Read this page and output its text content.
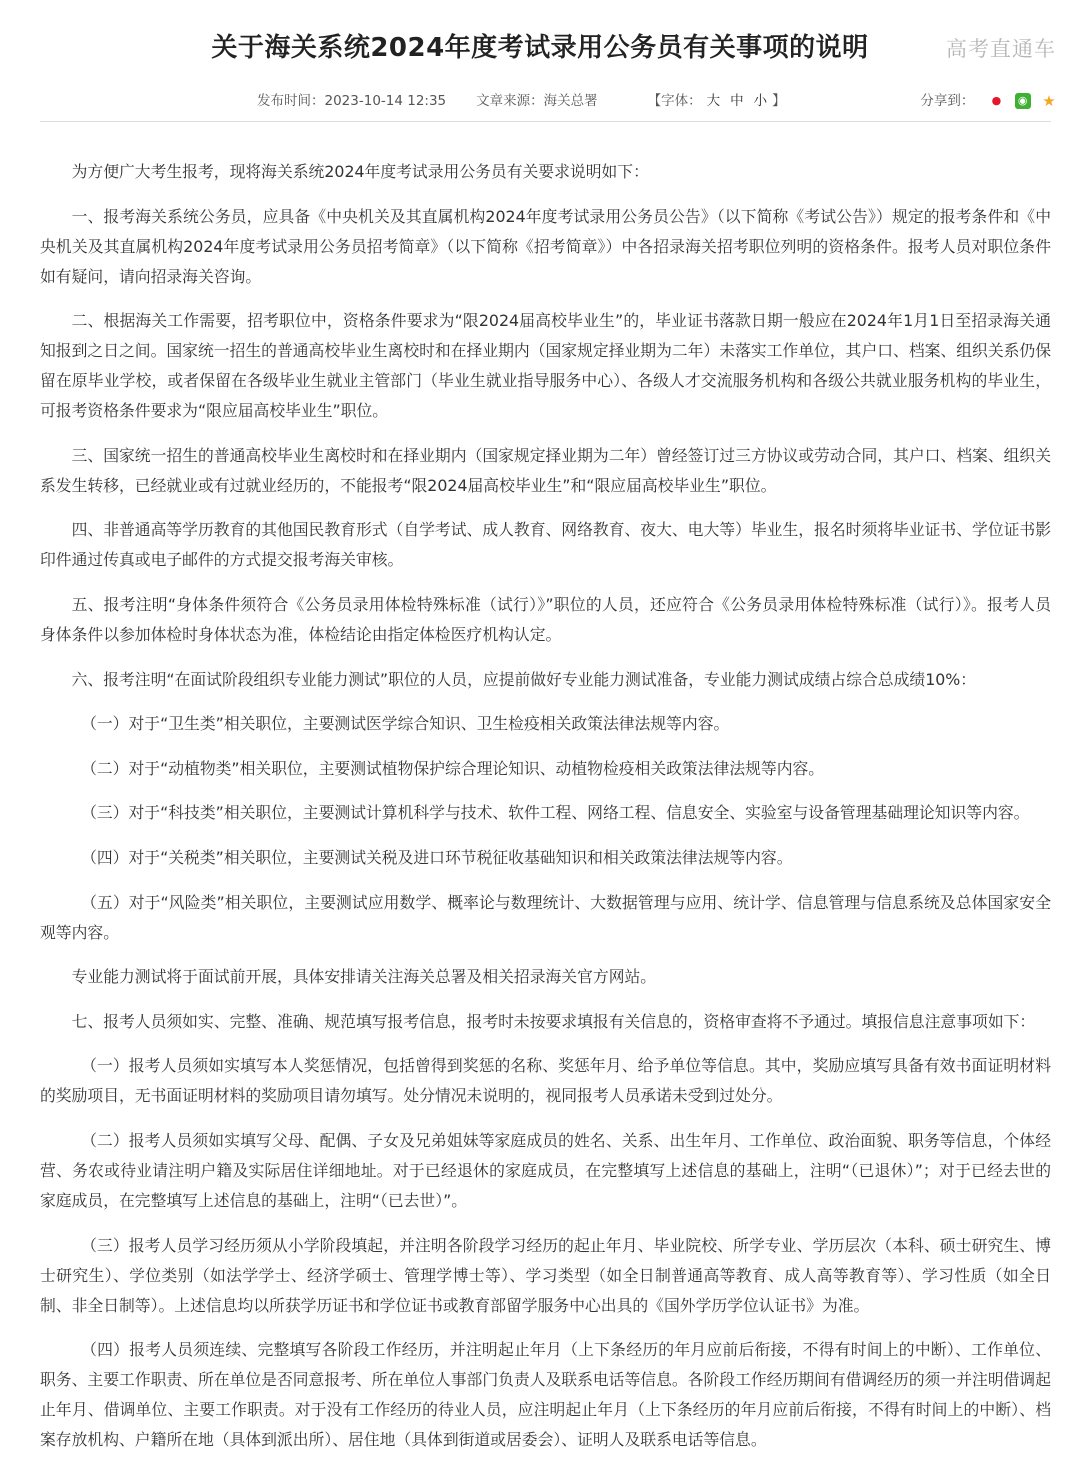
关于海关系统2024年度考试录用公务员有关事项的说明	高考直通车
发布时间：2023-10-14 12:35 文章来源：海关总署	【字体： 大 中 小 】	分享到： ● ◉ ★

为方便广大考生报考，现将海关系统2024年度考试录用公务员有关要求说明如下：

一、报考海关系统公务员，应具备《中央机关及其直属机构2024年度考试录用公务员公告》（以下简称《考试公告》）规定的报考条件和《中央机关及其直属机构2024年度考试录用公务员招考简章》（以下简称《招考简章》）中各招录海关招考职位列明的资格条件。报考人员对职位条件如有疑问，请向招录海关咨询。

二、根据海关工作需要，招考职位中，资格条件要求为“限2024届高校毕业生”的，毕业证书落款日期一般应在2024年1月1日至招录海关通知报到之日之间。国家统一招生的普通高校毕业生离校时和在择业期内（国家规定择业期为二年）未落实工作单位，其户口、档案、组织关系仍保留在原毕业学校，或者保留在各级毕业生就业主管部门（毕业生就业指导服务中心）、各级人才交流服务机构和各级公共就业服务机构的毕业生，可报考资格条件要求为“限应届高校毕业生”职位。

三、国家统一招生的普通高校毕业生离校时和在择业期内（国家规定择业期为二年）曾经签订过三方协议或劳动合同，其户口、档案、组织关系发生转移，已经就业或有过就业经历的，不能报考“限2024届高校毕业生”和“限应届高校毕业生”职位。

四、非普通高等学历教育的其他国民教育形式（自学考试、成人教育、网络教育、夜大、电大等）毕业生，报名时须将毕业证书、学位证书影印件通过传真或电子邮件的方式提交报考海关审核。

五、报考注明“身体条件须符合《公务员录用体检特殊标准（试行）》”职位的人员，还应符合《公务员录用体检特殊标准（试行）》。报考人员身体条件以参加体检时身体状态为准，体检结论由指定体检医疗机构认定。

六、报考注明“在面试阶段组织专业能力测试”职位的人员，应提前做好专业能力测试准备，专业能力测试成绩占综合总成绩10%：

（一）对于“卫生类”相关职位，主要测试医学综合知识、卫生检疫相关政策法律法规等内容。

（二）对于“动植物类”相关职位，主要测试植物保护综合理论知识、动植物检疫相关政策法律法规等内容。

（三）对于“科技类”相关职位，主要测试计算机科学与技术、软件工程、网络工程、信息安全、实验室与设备管理基础理论知识等内容。

（四）对于“关税类”相关职位，主要测试关税及进口环节税征收基础知识和相关政策法律法规等内容。

（五）对于“风险类”相关职位，主要测试应用数学、概率论与数理统计、大数据管理与应用、统计学、信息管理与信息系统及总体国家安全观等内容。

专业能力测试将于面试前开展，具体安排请关注海关总署及相关招录海关官方网站。

七、报考人员须如实、完整、准确、规范填写报考信息，报考时未按要求填报有关信息的，资格审查将不予通过。填报信息注意事项如下：

（一）报考人员须如实填写本人奖惩情况，包括曾得到奖惩的名称、奖惩年月、给予单位等信息。其中，奖励应填写具备有效书面证明材料的奖励项目，无书面证明材料的奖励项目请勿填写。处分情况未说明的，视同报考人员承诺未受到过处分。

（二）报考人员须如实填写父母、配偶、子女及兄弟姐妹等家庭成员的姓名、关系、出生年月、工作单位、政治面貌、职务等信息，个体经营、务农或待业请注明户籍及实际居住详细地址。对于已经退休的家庭成员，在完整填写上述信息的基础上，注明“（已退休）”；对于已经去世的家庭成员，在完整填写上述信息的基础上，注明“（已去世）”。

（三）报考人员学习经历须从小学阶段填起，并注明各阶段学习经历的起止年月、毕业院校、所学专业、学历层次（本科、硕士研究生、博士研究生）、学位类别（如法学学士、经济学硕士、管理学博士等）、学习类型（如全日制普通高等教育、成人高等教育等）、学习性质（如全日制、非全日制等）。上述信息均以所获学历证书和学位证书或教育部留学服务中心出具的《国外学历学位认证书》为准。

（四）报考人员须连续、完整填写各阶段工作经历，并注明起止年月（上下条经历的年月应前后衔接，不得有时间上的中断）、工作单位、职务、主要工作职责、所在单位是否同意报考、所在单位人事部门负责人及联系电话等信息。各阶段工作经历期间有借调经历的须一并注明借调起止年月、借调单位、主要工作职责。对于没有工作经历的待业人员，应注明起止年月（上下条经历的年月应前后衔接，不得有时间上的中断）、档案存放机构、户籍所在地（具体到派出所）、居住地（具体到街道或居委会）、证明人及联系电话等信息。
